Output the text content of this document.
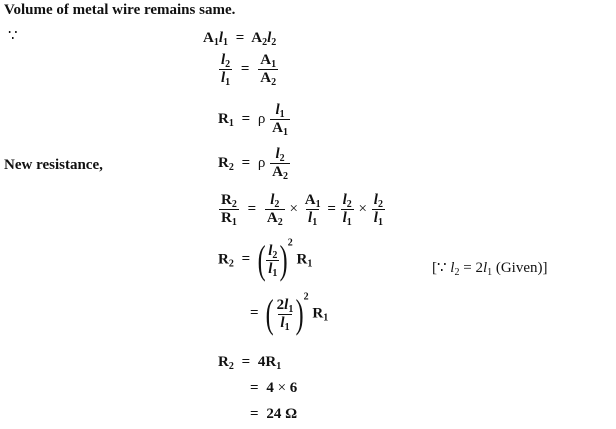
Volume of metal wire remains same.
∵	$A_1l_1 = A_2l_2$
$\frac{l_2}{l_1} = \frac{A_1}{A_2}$
$R_1 = \rho \frac{l_1}{A_1}$
New resistance,	$R_2 = \rho \frac{l_2}{A_2}$
$\frac{R_2}{R_1} = \frac{l_2}{A_2} \times \frac{A_1}{l_1} = \frac{l_2}{l_1} \times \frac{l_2}{l_1}$
$R_2$ = ( $\frac{l_2}{l_1} )^2$ $R_1$	[∵ $l_2 = 2l_1$ (Given)]
= ( $\frac{2l_1}{l_1} )^2$ $R_1$
$R_2 = 4R_1$
= 4 × 6
= 24 Ω
